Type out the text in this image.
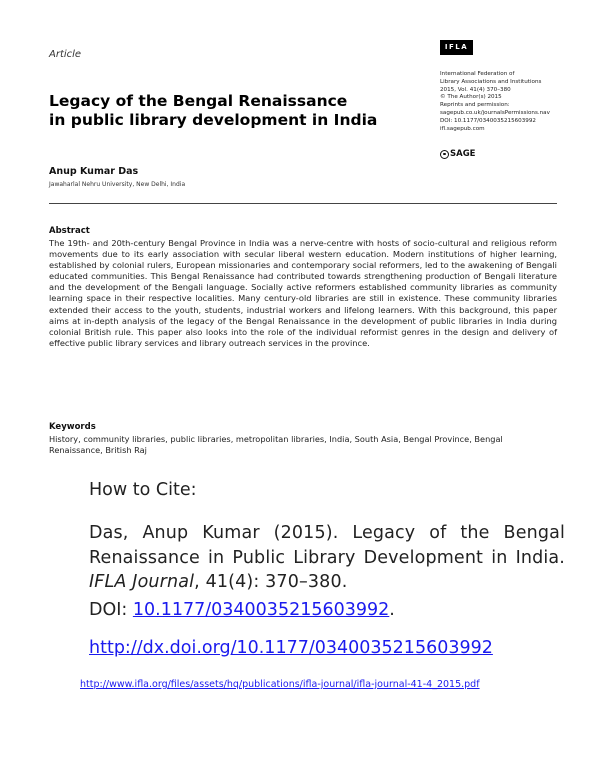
Article
IFLA
International Federation of
Library Associations and Institutions
2015, Vol. 41(4) 370–380
© The Author(s) 2015
Reprints and permission:
sagepub.co.uk/journalsPermissions.nav
DOI: 10.1177/0340035215603992
ifl.sagepub.com
SAGE
Legacy of the Bengal Renaissance
in public library development in India
Anup Kumar Das
Jawaharlal Nehru University, New Delhi, India
Abstract
The 19th- and 20th-century Bengal Province in India was a nerve-centre with hosts of socio-cultural and religious reform movements due to its early association with secular liberal western education. Modern institutions of higher learning, established by colonial rulers, European missionaries and contemporary social reformers, led to the awakening of Bengali educated communities. This Bengal Renaissance had contributed towards strengthening production of Bengali literature and the development of the Bengali language. Socially active reformers established community libraries as community learning space in their respective localities. Many century-old libraries are still in existence. These community libraries extended their access to the youth, students, industrial workers and lifelong learners. With this background, this paper aims at in-depth analysis of the legacy of the Bengal Renaissance in the development of public libraries in India during colonial British rule. This paper also looks into the role of the individual reformist genres in the design and delivery of effective public library services and library outreach services in the province.
Keywords
History, community libraries, public libraries, metropolitan libraries, India, South Asia, Bengal Province, Bengal Renaissance, British Raj
How to Cite:
Das, Anup Kumar (2015). Legacy of the Bengal Renaissance in Public Library Development in India. IFLA Journal, 41(4): 370–380.
DOI: 10.1177/0340035215603992.
http://dx.doi.org/10.1177/0340035215603992
http://www.ifla.org/files/assets/hq/publications/ifla-journal/ifla-journal-41-4_2015.pdf
